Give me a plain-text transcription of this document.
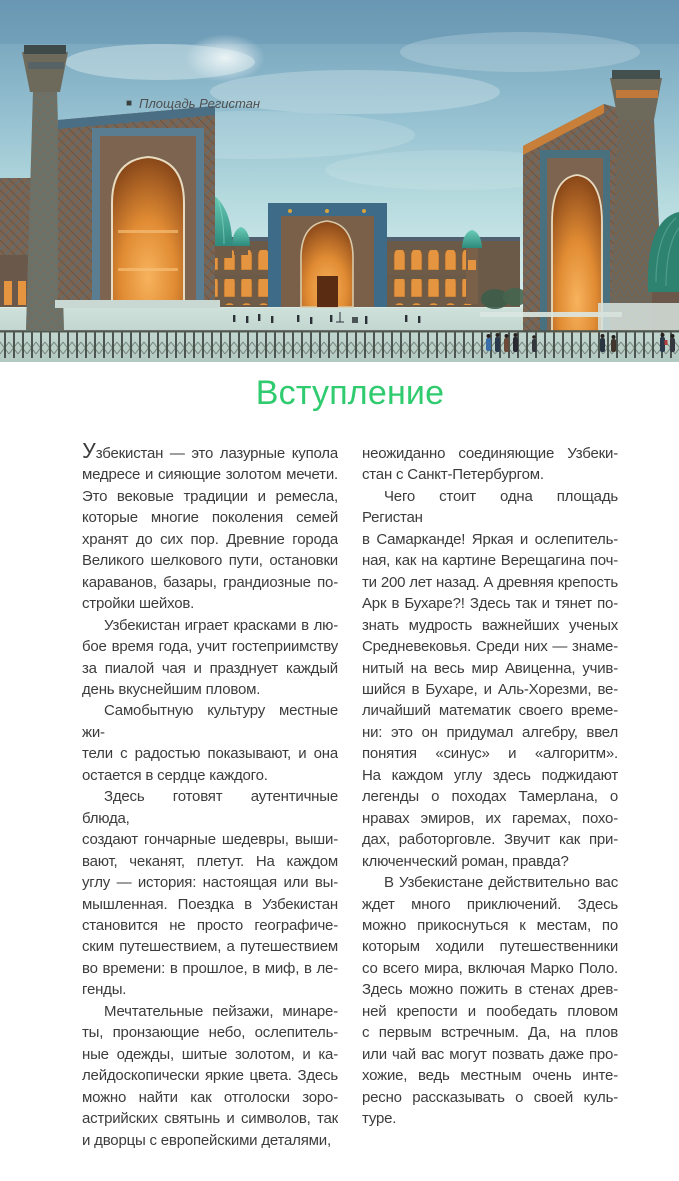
■ Площадь Регистан
Вступление
Узбекистан — это лазурные купола
медресе и сияющие золотом мечети.
Это вековые традиции и ремесла,
которые многие поколения семей
хранят до сих пор. Древние города
Великого шелкового пути, остановки
караванов, базары, грандиозные по-
стройки шейхов.
Узбекистан играет красками в лю-
бое время года, учит гостеприимству
за пиалой чая и празднует каждый
день вкуснейшим пловом.
Самобытную культуру местные жи-
тели с радостью показывают, и она
остается в сердце каждого.
Здесь готовят аутентичные блюда,
создают гончарные шедевры, выши-
вают, чеканят, плетут. На каждом
углу — история: настоящая или вы-
мышленная. Поездка в Узбекистан
становится не просто географиче-
ским путешествием, а путешествием
во времени: в прошлое, в миф, в ле-
генды.
Мечтательные пейзажи, минаре-
ты, пронзающие небо, ослепитель-
ные одежды, шитые золотом, и ка-
лейдоскопически яркие цвета. Здесь
можно найти как отголоски зоро-
астрийских святынь и символов, так
и дворцы с европейскими деталями,
неожиданно соединяющие Узбеки-
стан с Санкт-Петербургом.
Чего стоит одна площадь Регистан
в Самарканде! Яркая и ослепитель-
ная, как на картине Верещагина поч-
ти 200 лет назад. А древняя крепость
Арк в Бухаре?! Здесь так и тянет по-
знать мудрость важнейших ученых
Средневековья. Среди них — знаме-
нитый на весь мир Авиценна, учив-
шийся в Бухаре, и Аль-Хорезми, ве-
личайший математик своего време-
ни: это он придумал алгебру, ввел
понятия «синус» и «алгоритм».
На каждом углу здесь поджидают
легенды о походах Тамерлана, о
нравах эмиров, их гаремах, похо-
дах, работорговле. Звучит как при-
ключенческий роман, правда?
В Узбекистане действительно вас
ждет много приключений. Здесь
можно прикоснуться к местам, по
которым ходили путешественники
со всего мира, включая Марко Поло.
Здесь можно пожить в стенах древ-
ней крепости и пообедать пловом
с первым встречным. Да, на плов
или чай вас могут позвать даже про-
хожие, ведь местным очень инте-
ресно рассказывать о своей куль-
туре.
